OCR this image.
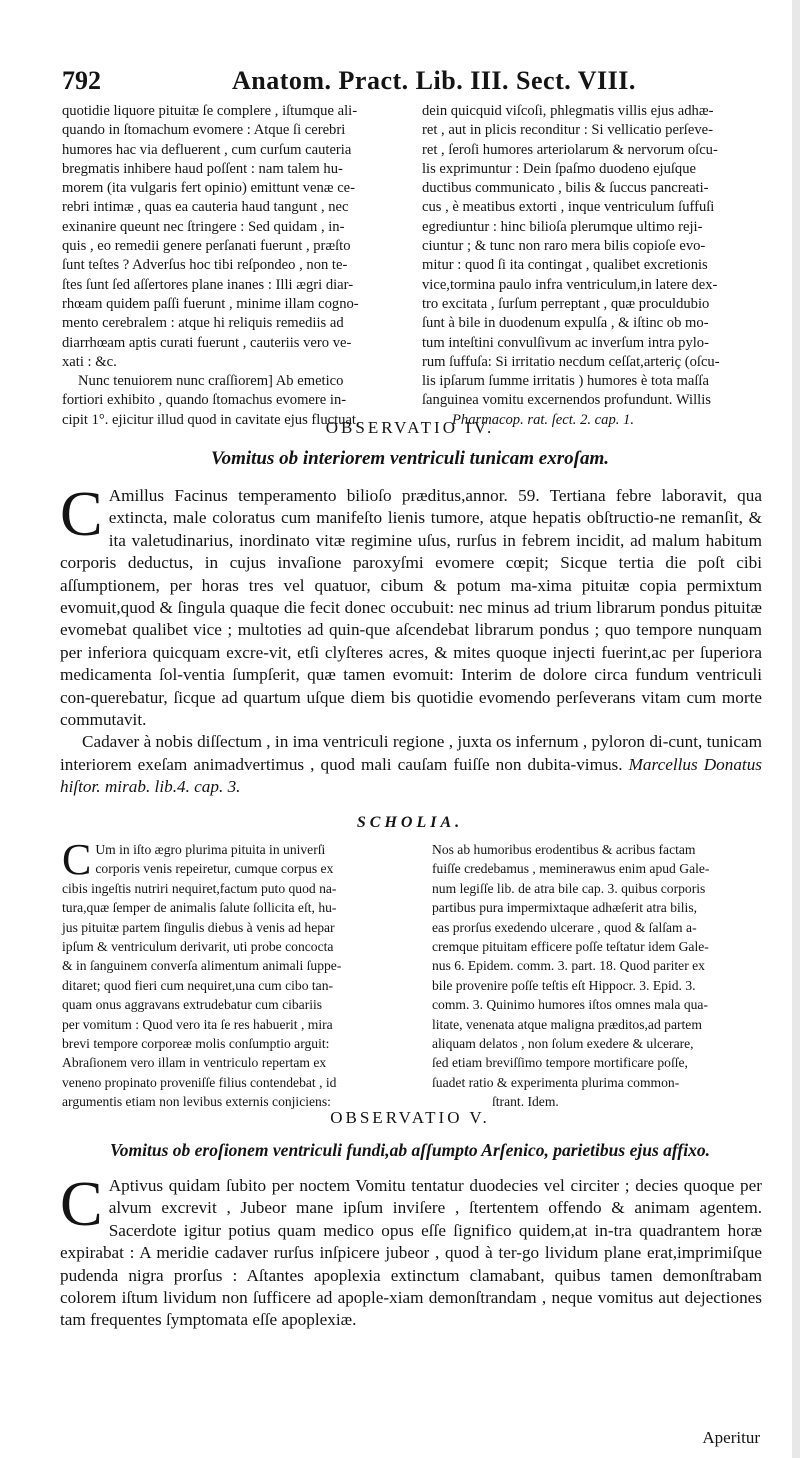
792	Anatom. Pract. Lib. III. Sect. VIII.
quotidie liquore pituitæ ſe complere , iſtumque ali-
quando in ſtomachum evomere : Atque ſi cerebri
humores hac via defluerent , cum curſum cauteria
bregmatis inhibere haud poſſent : nam talem hu-
morem (ita vulgaris fert opinio) emittunt venæ ce-
rebri intimæ , quas ea cauteria haud tangunt , nec
exinanire queunt nec ſtringere : Sed quidam , in-
quis , eo remedii genere perſanati fuerunt , præſto
ſunt teſtes ? Adverſus hoc tibi reſpondeo , non te-
ſtes ſunt ſed aſſertores plane inanes : Illi ægri diar-
rhœam quidem paſſi fuerunt , minime illam cogno-
mento cerebralem : atque hi reliquis remediis ad
diarrhœam aptis curati fuerunt , cauteriis vero ve-
xati : &c.
Nunc tenuiorem nunc craſſiorem] Ab emetico
fortiori exhibito , quando ſtomachus evomere in-
cipit 1°. ejicitur illud quod in cavitate ejus fluctuat,
dein quicquid viſcoſi, phlegmatis villis ejus adhæ-
ret , aut in plicis reconditur : Si vellicatio perſeve-
ret , ſeroſi humores arteriolarum & nervorum oſcu-
lis exprimuntur : Dein ſpaſmo duodeno ejuſque
ductibus communicato , bilis & ſuccus pancreati-
cus , è meatibus extorti , inque ventriculum ſuffuſi
egrediuntur : hinc bilioſa plerumque ultimo reji-
ciuntur ; & tunc non raro mera bilis copioſe evo-
mitur : quod ſi ita contingat , qualibet excretionis
vice,tormina paulo infra ventriculum,in latere dex-
tro excitata , ſurſum perreptant , quæ proculdubio
ſunt à bile in duodenum expulſa , & iſtinc ob mo-
tum inteſtini convulſivum ac inverſum intra pylo-
rum ſuffuſa: Si irritatio necdum ceſſat,arteriç (oſcu-
lis ipſarum ſumme irritatis ) humores è tota maſſa
ſanguinea vomitu excernendos profundunt. Willis
Pharmacop. rat. ſect. 2. cap. 1.
OBSERVATIO IV.
Vomitus ob interiorem ventriculi tunicam exroſam.

C Amillus Facinus temperamento bilioſo præditus,annor. 59. Tertiana febre laboravit, qua extincta, male coloratus cum manifeſto lienis tumore, atque hepatis obſtructio-ne remanſit, & ita valetudinarius, inordinato vitæ regimine uſus, rurſus in febrem incidit, ad malum habitum corporis deductus, in cujus invaſione paroxyſmi evomere cœpit; Sicque tertia die poſt cibi aſſumptionem, per horas tres vel quatuor, cibum & potum ma-xima pituitæ copia permixtum evomuit,quod & ſingula quaque die fecit donec occubuit: nec minus ad trium librarum pondus pituitæ evomebat qualibet vice ; multoties ad quin-que aſcendebat librarum pondus ; quo tempore nunquam per inferiora quicquam excre-vit, etſi clyſteres acres, & mites quoque injecti fuerint,ac per ſuperiora medicamenta ſol-ventia ſumpſerit, quæ tamen evomuit: Interim de dolore circa fundum ventriculi con-querebatur, ſicque ad quartum uſque diem bis quotidie evomendo perſeverans vitam cum morte commutavit.

Cadaver à nobis diſſectum , in ima ventriculi regione , juxta os infernum , pyloron di-cunt, tunicam interiorem exeſam animadvertimus , quod mali cauſam fuiſſe non dubita-vimus. Marcellus Donatus hiſtor. mirab. lib.4. cap. 3.

SCHOLIA.
C Um in iſto ægro plurima pituita in univerſi
corporis venis repeiretur, cumque corpus ex
cibis ingeſtis nutriri nequiret,factum puto quod na-
tura,quæ ſemper de animalis ſalute ſollicita eſt, hu-
jus pituitæ partem ſingulis diebus à venis ad hepar
ipſum & ventriculum derivarit, uti probe concocta
& in ſanguinem converſa alimentum animali ſuppe-
ditaret; quod fieri cum nequiret,una cum cibo tan-
quam onus aggravans extrudebatur cum cibariis
per vomitum : Quod vero ita ſe res habuerit , mira
brevi tempore corporeæ molis conſumptio arguit:
Abraſionem vero illam in ventriculo repertam ex
veneno propinato proveniſſe filius contendebat , id
argumentis etiam non levibus externis conjiciens:
Nos ab humoribus erodentibus & acribus factam
fuiſſe credebamus , meminerawus enim apud Gale-
num legiſſe lib. de atra bile cap. 3. quibus corporis
partibus pura impermixtaque adhæſerit atra bilis,
eas prorſus exedendo ulcerare , quod & ſalſam a-
cremque pituitam efficere poſſe teſtatur idem Gale-
nus 6. Epidem. comm. 3. part. 18. Quod pariter ex
bile provenire poſſe teſtis eſt Hippocr. 3. Epid. 3.
comm. 3. Quinimo humores iſtos omnes mala qua-
litate, venenata atque maligna præditos,ad partem
aliquam delatos , non ſolum exedere & ulcerare,
ſed etiam breviſſimo tempore mortificare poſſe,
ſuadet ratio & experimenta plurima common-
ſtrant. Idem.
OBSERVATIO V.
Vomitus ob eroſionem ventriculi fundi,ab aſſumpto Arſenico, parietibus ejus affixo.

C Aptivus quidam ſubito per noctem Vomitu tentatur duodecies vel circiter ; decies quoque per alvum excrevit , Jubeor mane ipſum inviſere , ſtertentem offendo & animam agentem. Sacerdote igitur potius quam medico opus eſſe ſignifico quidem,at in-tra quadrantem horæ expirabat : A meridie cadaver rurſus inſpicere jubeor , quod à ter-go lividum plane erat,imprimiſque pudenda nigra prorſus : Aſtantes apoplexia extinctum clamabant, quibus tamen demonſtrabam colorem iſtum lividum non ſufficere ad apople-xiam demonſtrandam , neque vomitus aut dejectiones tam frequentes ſymptomata eſſe apoplexiæ.

Aperitur
